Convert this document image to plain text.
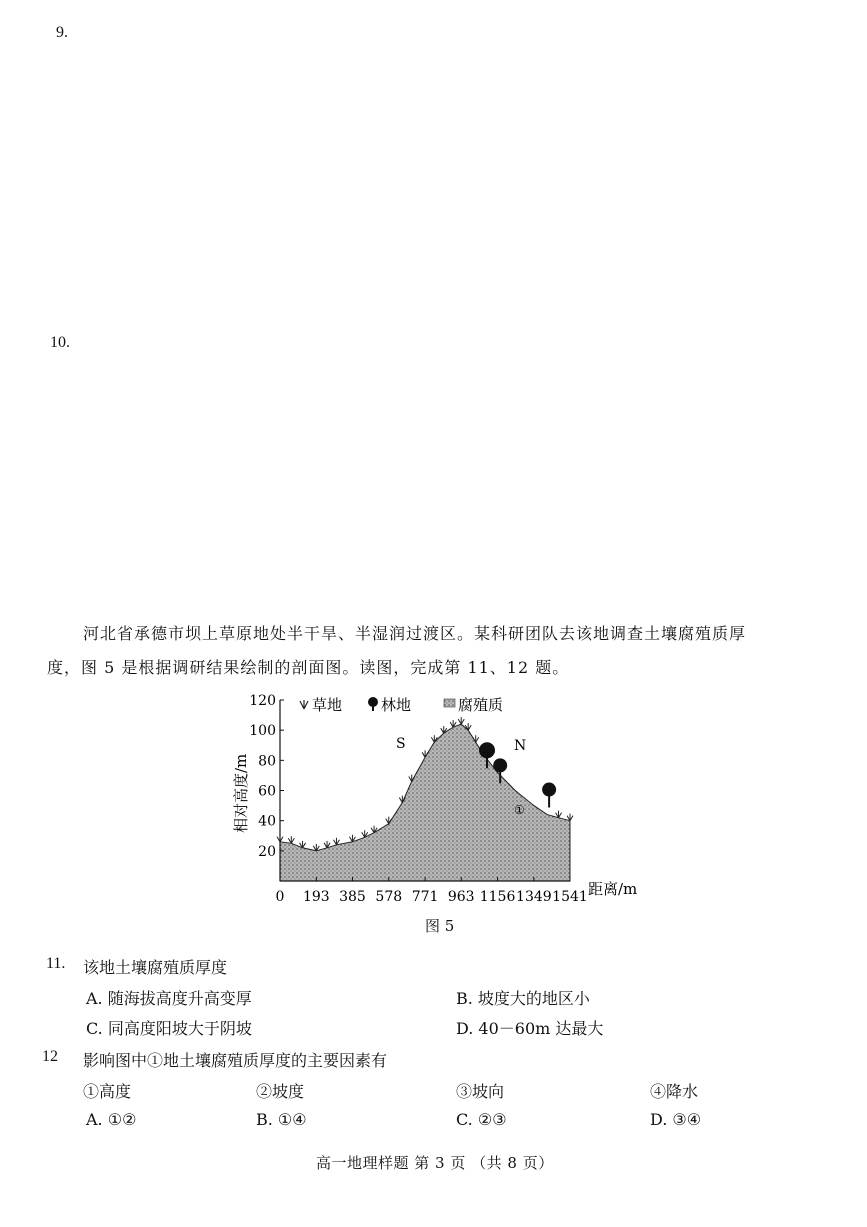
9.
10.
河北省承德市坝上草原地处半干旱、半湿润过渡区。某科研团队去该地调查土壤腐殖质厚
度，图 5 是根据调研结果绘制的剖面图。读图，完成第 11、12 题。
20
40
60
80
100
120
0 193 385 578 771 963 1156 1349 1541
草地	林地	腐殖质
S	N
①
相对高度/m
距离/m
图 5
11. 该地土壤腐殖质厚度
A. 随海拔高度升高变厚	B. 坡度大的地区小
C. 同高度阳坡大于阴坡	D. 40－60m 达最大
12 影响图中①地土壤腐殖质厚度的主要因素有
①高度	②坡度	③坡向	④降水
A. ①②	B. ①④	C. ②③	D. ③④
高一地理样题 第 3 页 （共 8 页）
